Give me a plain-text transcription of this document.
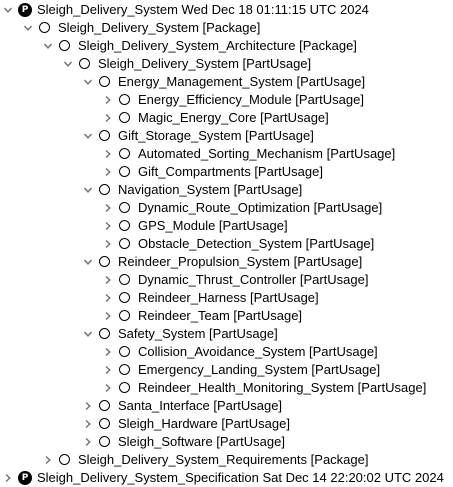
P Sleigh_Delivery_System Wed Dec 18 01:11:15 UTC 2024
Sleigh_Delivery_System [Package]
Sleigh_Delivery_System_Architecture [Package]
Sleigh_Delivery_System [PartUsage]
Energy_Management_System [PartUsage]
Energy_Efficiency_Module [PartUsage]
Magic_Energy_Core [PartUsage]
Gift_Storage_System [PartUsage]
Automated_Sorting_Mechanism [PartUsage]
Gift_Compartments [PartUsage]
Navigation_System [PartUsage]
Dynamic_Route_Optimization [PartUsage]
GPS_Module [PartUsage]
Obstacle_Detection_System [PartUsage]
Reindeer_Propulsion_System [PartUsage]
Dynamic_Thrust_Controller [PartUsage]
Reindeer_Harness [PartUsage]
Reindeer_Team [PartUsage]
Safety_System [PartUsage]
Collision_Avoidance_System [PartUsage]
Emergency_Landing_System [PartUsage]
Reindeer_Health_Monitoring_System [PartUsage]
Santa_Interface [PartUsage]
Sleigh_Hardware [PartUsage]
Sleigh_Software [PartUsage]
Sleigh_Delivery_System_Requirements [Package]
P Sleigh_Delivery_System_Specification Sat Dec 14 22:20:02 UTC 2024
